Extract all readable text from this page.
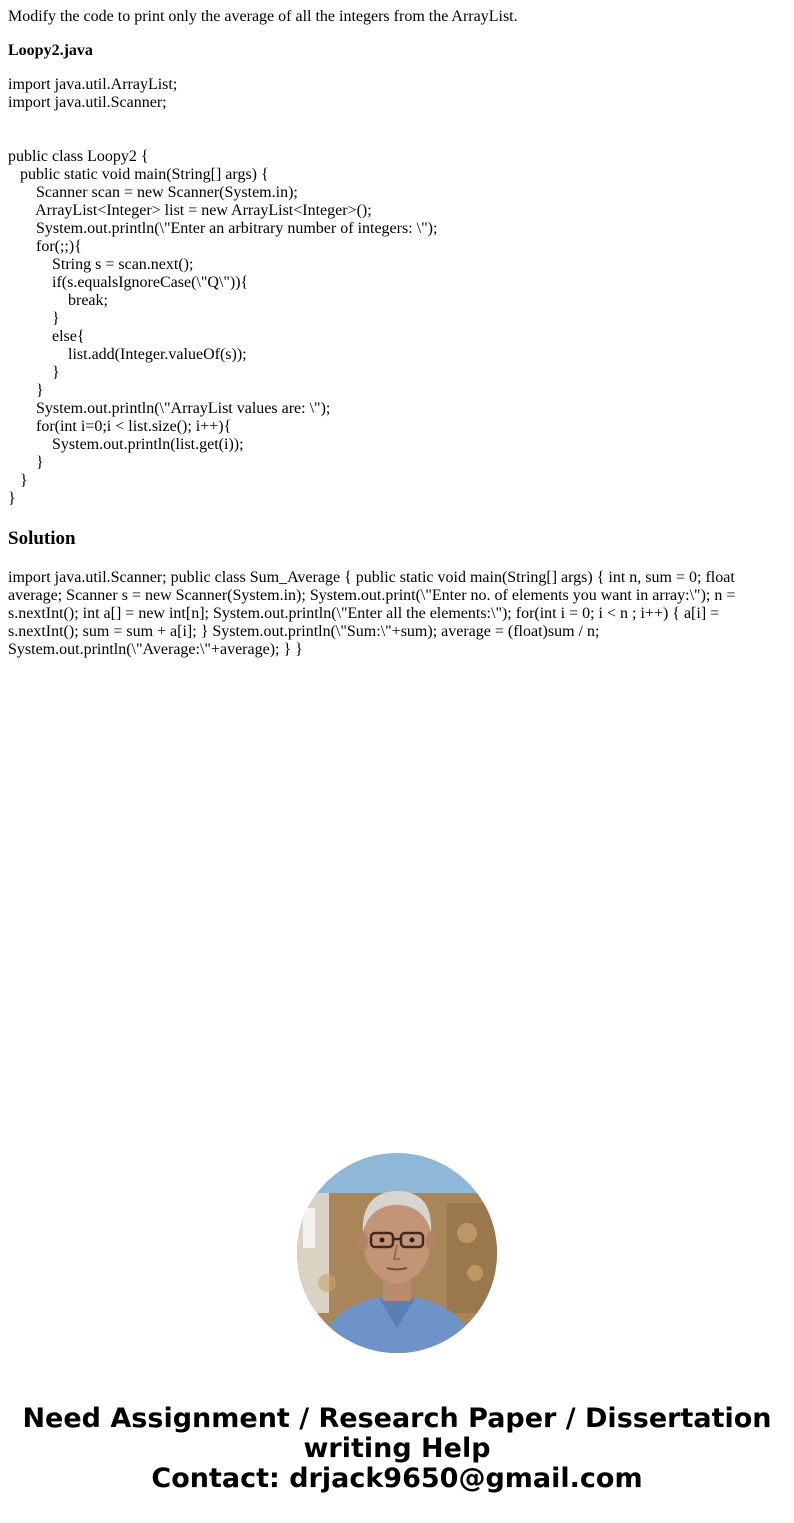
Modify the code to print only the average of all the integers from the ArrayList.

Loopy2.java

import java.util.ArrayList;
import java.util.Scanner;

public class Loopy2 {
public static void main(String[] args) {
Scanner scan = new Scanner(System.in);
ArrayList<Integer> list = new ArrayList<Integer>();
System.out.println(\"Enter an arbitrary number of integers: \");
for(;;){
String s = scan.next();
if(s.equalsIgnoreCase(\"Q\")){
break;
}
else{
list.add(Integer.valueOf(s));
}
}
System.out.println(\"ArrayList values are: \");
for(int i=0;i < list.size(); i++){
System.out.println(list.get(i));
}
}
}
Solution

import java.util.Scanner; public class Sum_Average { public static void main(String[] args) { int n, sum = 0; float average; Scanner s = new Scanner(System.in); System.out.print(\"Enter no. of elements you want in array:\"); n = s.nextInt(); int a[] = new int[n]; System.out.println(\"Enter all the elements:\"); for(int i = 0; i < n ; i++) { a[i] = s.nextInt(); sum = sum + a[i]; } System.out.println(\"Sum:\"+sum); average = (float)sum / n; System.out.println(\"Average:\"+average); } }

Need Assignment / Research Paper / Dissertation
writing Help
Contact: drjack9650@gmail.com
